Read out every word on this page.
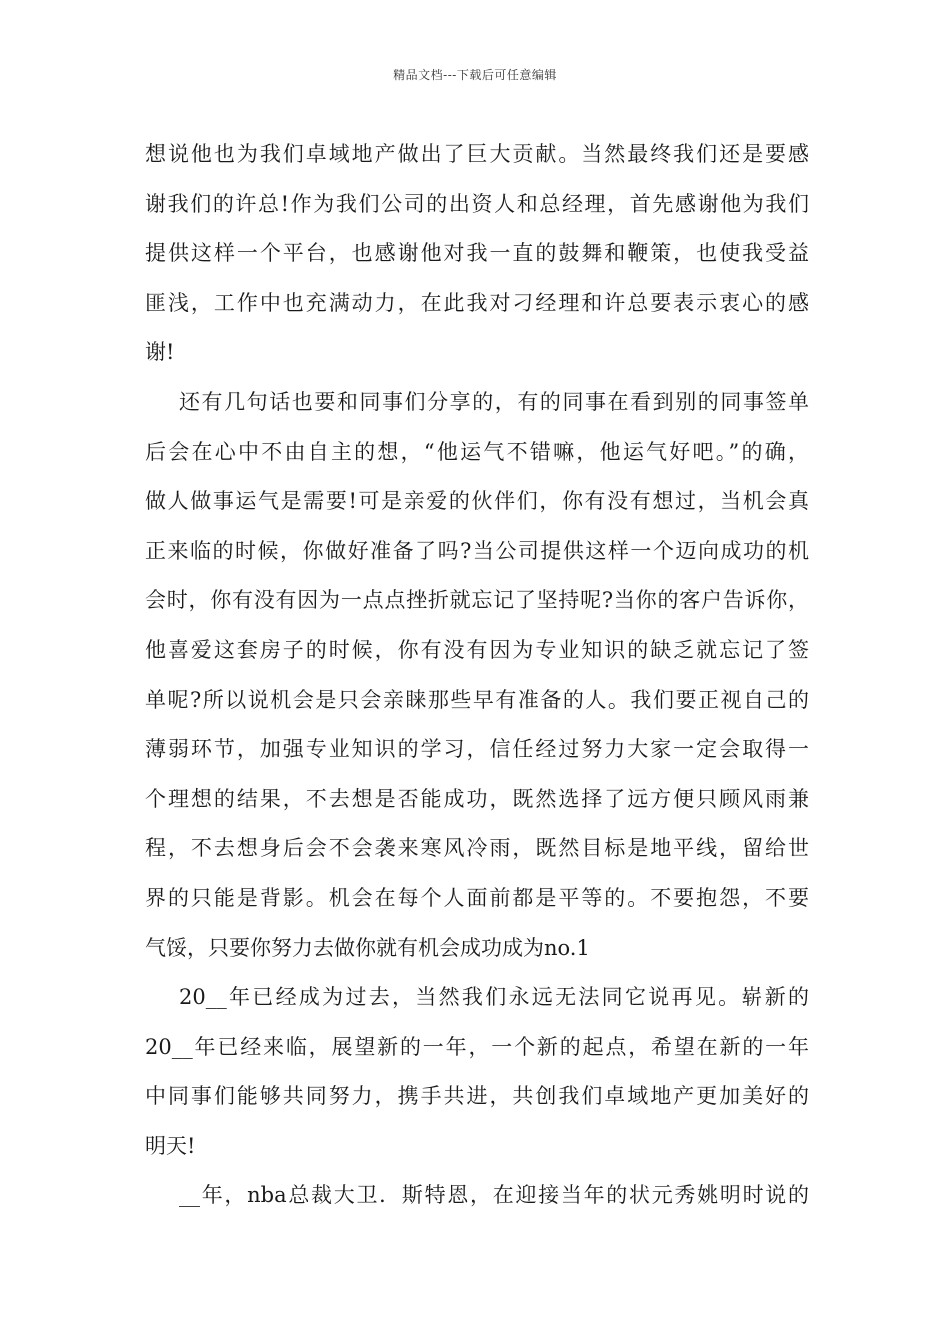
精品文档---下载后可任意编辑
想说他也为我们卓域地产做出了巨大贡献。当然最终我们还是要感
谢我们的许总!作为我们公司的出资人和总经理，首先感谢他为我们
提供这样一个平台，也感谢他对我一直的鼓舞和鞭策，也使我受益
匪浅，工作中也充满动力，在此我对刁经理和许总要表示衷心的感
谢!
还有几句话也要和同事们分享的，有的同事在看到别的同事签单
后会在心中不由自主的想，“他运气不错嘛，他运气好吧。”的确，
做人做事运气是需要!可是亲爱的伙伴们，你有没有想过，当机会真
正来临的时候，你做好准备了吗?当公司提供这样一个迈向成功的机
会时，你有没有因为一点点挫折就忘记了坚持呢?当你的客户告诉你，
他喜爱这套房子的时候，你有没有因为专业知识的缺乏就忘记了签
单呢?所以说机会是只会亲睐那些早有准备的人。我们要正视自己的
薄弱环节，加强专业知识的学习，信任经过努力大家一定会取得一
个理想的结果，不去想是否能成功，既然选择了远方便只顾风雨兼
程，不去想身后会不会袭来寒风冷雨，既然目标是地平线，留给世
界的只能是背影。机会在每个人面前都是平等的。不要抱怨，不要
气馁，只要你努力去做你就有机会成功成为no.1
20__年已经成为过去，当然我们永远无法同它说再见。崭新的
20__年已经来临，展望新的一年，一个新的起点，希望在新的一年
中同事们能够共同努力，携手共进，共创我们卓域地产更加美好的
明天!
__年，nba总裁大卫．斯特恩，在迎接当年的状元秀姚明时说的
